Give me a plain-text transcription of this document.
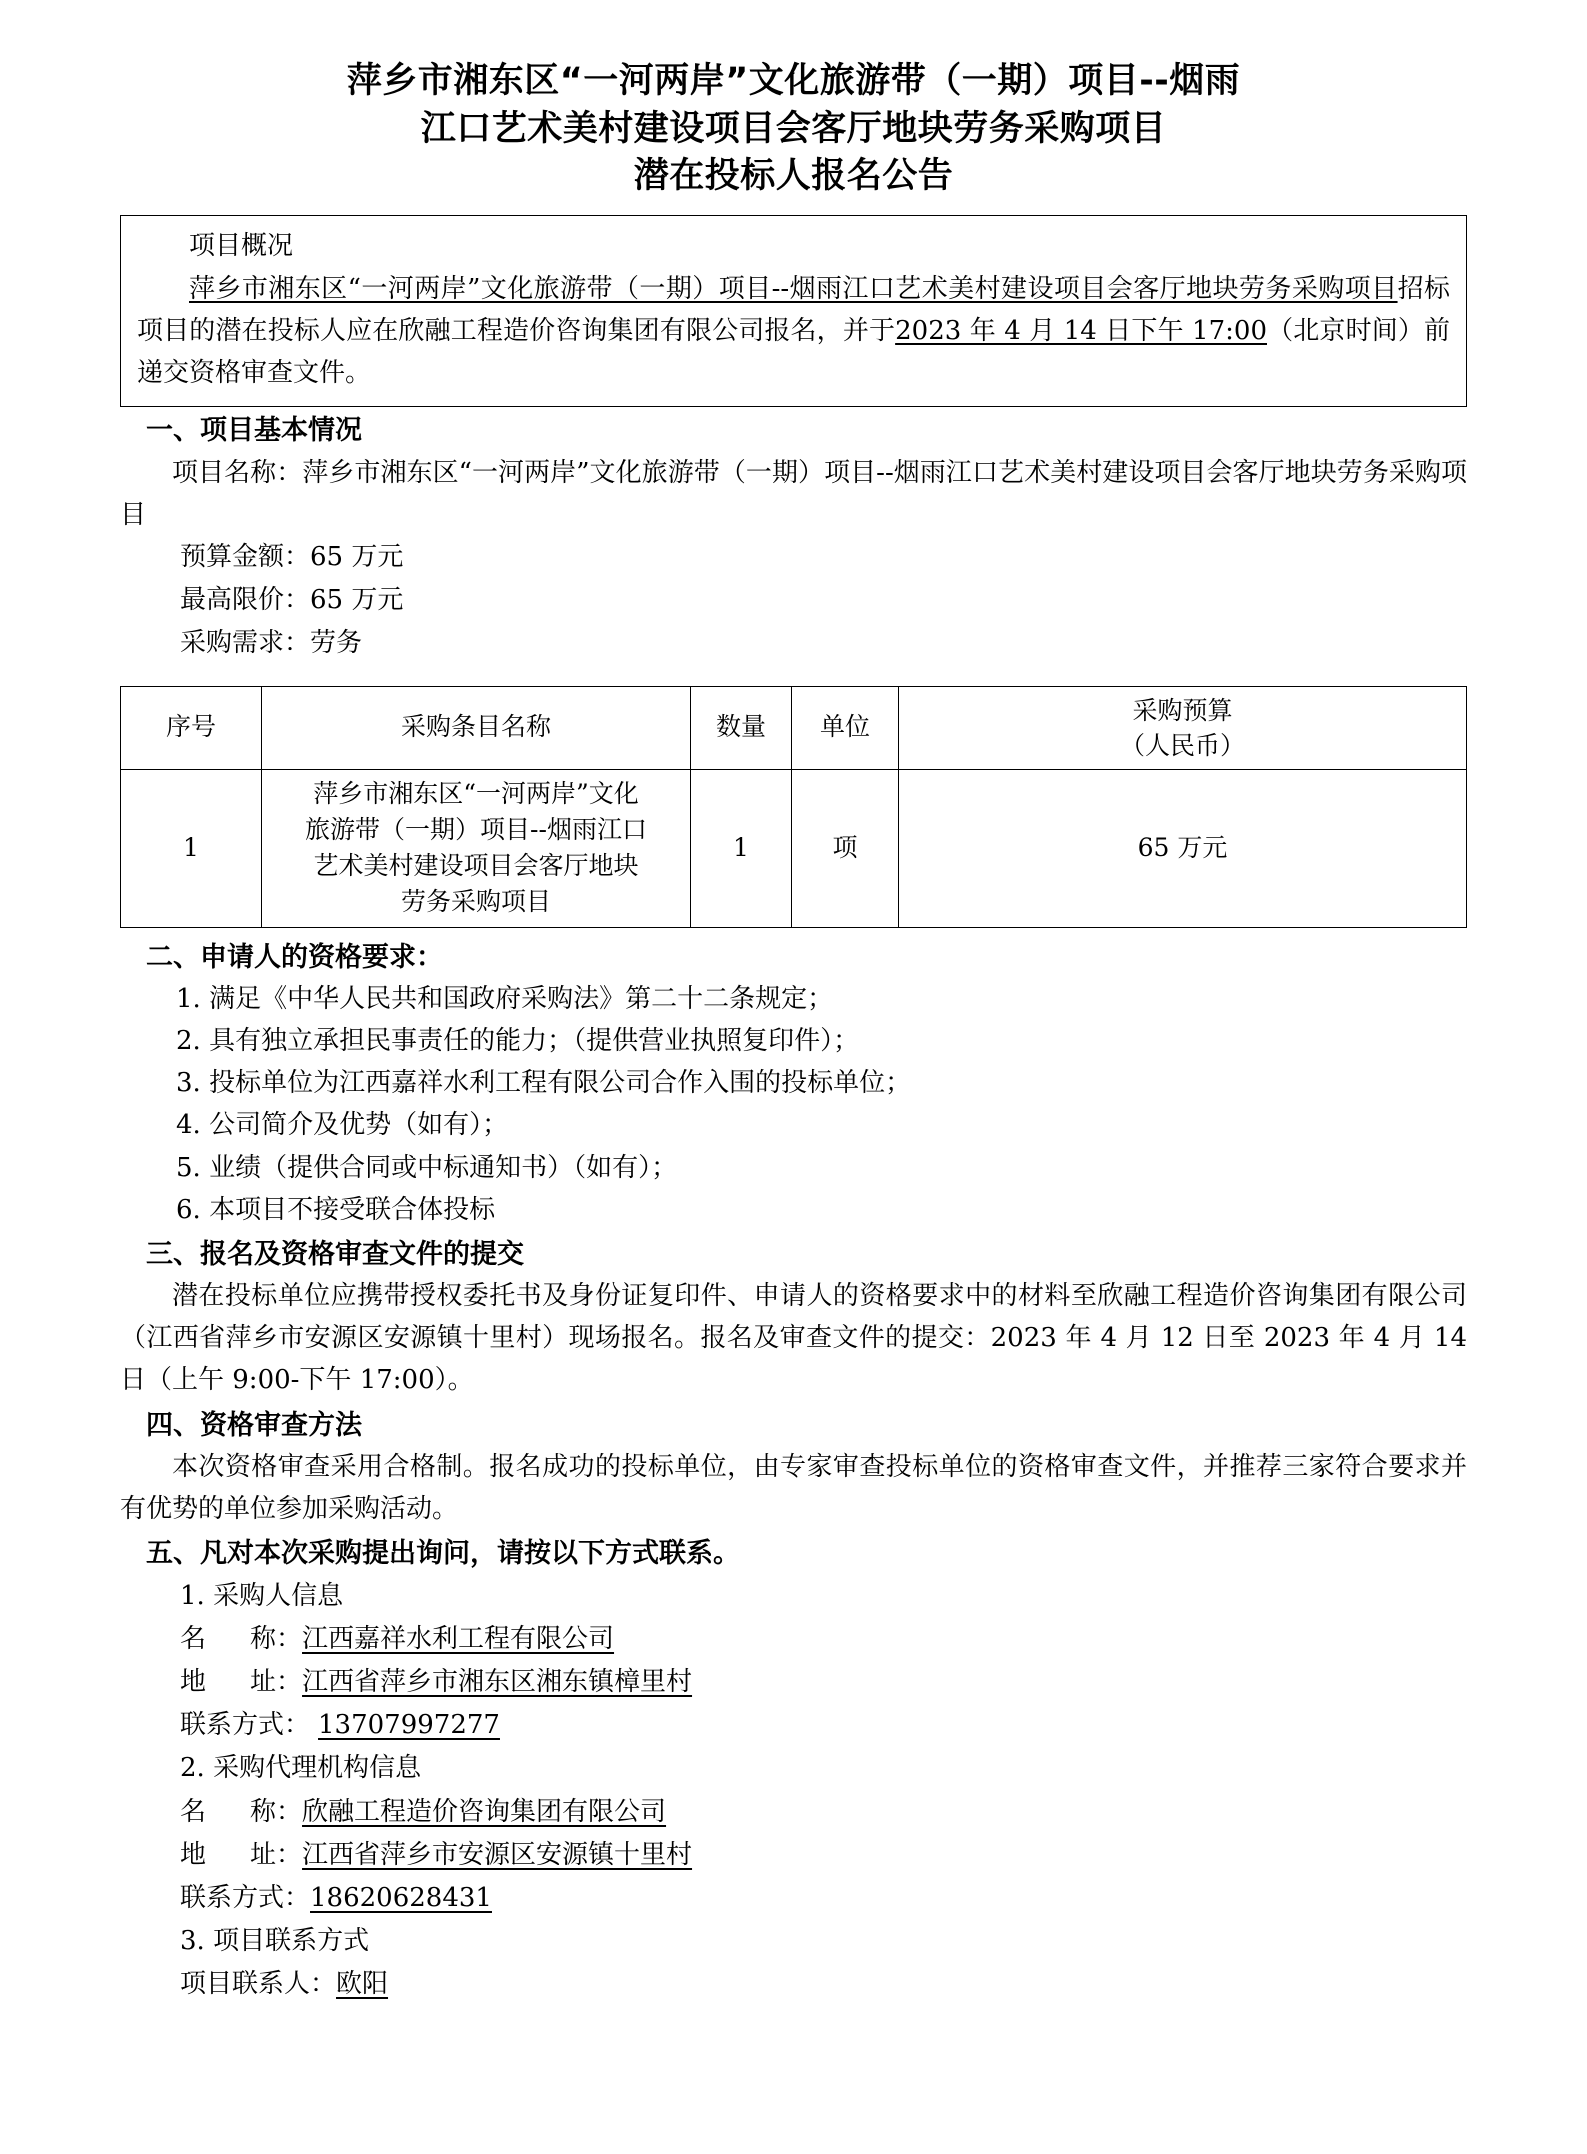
萍乡市湘东区“一河两岸”文化旅游带（一期）项目--烟雨
江口艺术美村建设项目会客厅地块劳务采购项目
潜在投标人报名公告
项目概况
萍乡市湘东区“一河两岸”文化旅游带（一期）项目--烟雨江口艺术美村建设项目会客厅地块劳务采购项目招标项目的潜在投标人应在欣融工程造价咨询集团有限公司报名，并于2023 年 4 月 14 日下午 17:00（北京时间）前递交资格审查文件。
一、项目基本情况
项目名称：萍乡市湘东区“一河两岸”文化旅游带（一期）项目--烟雨江口艺术美村建设项目会客厅地块劳务采购项目
预算金额：65 万元
最高限价：65 万元
采购需求：劳务
序号	采购条目名称	数量	单位	采购预算
（人民币）

1	萍乡市湘东区“一河两岸”文化
旅游带（一期）项目--烟雨江口
艺术美村建设项目会客厅地块
劳务采购项目	1	项	65 万元
二、申请人的资格要求：
1. 满足《中华人民共和国政府采购法》第二十二条规定；
2. 具有独立承担民事责任的能力；（提供营业执照复印件）；
3. 投标单位为江西嘉祥水利工程有限公司合作入围的投标单位；
4. 公司简介及优势（如有）；
5. 业绩（提供合同或中标通知书）（如有）；
6. 本项目不接受联合体投标
三、报名及资格审查文件的提交
潜在投标单位应携带授权委托书及身份证复印件、申请人的资格要求中的材料至欣融工程造价咨询集团有限公司（江西省萍乡市安源区安源镇十里村）现场报名。报名及审查文件的提交：2023 年 4 月 12 日至 2023 年 4 月 14 日（上午 9:00-下午 17:00）。
四、资格审查方法
本次资格审查采用合格制。报名成功的投标单位，由专家审查投标单位的资格审查文件，并推荐三家符合要求并有优势的单位参加采购活动。
五、凡对本次采购提出询问，请按以下方式联系。
1. 采购人信息
名称：江西嘉祥水利工程有限公司
地址：江西省萍乡市湘东区湘东镇樟里村
联系方式： 13707997277
2. 采购代理机构信息
名称：欣融工程造价咨询集团有限公司
地址：江西省萍乡市安源区安源镇十里村
联系方式：18620628431
3. 项目联系方式
项目联系人：欧阳
